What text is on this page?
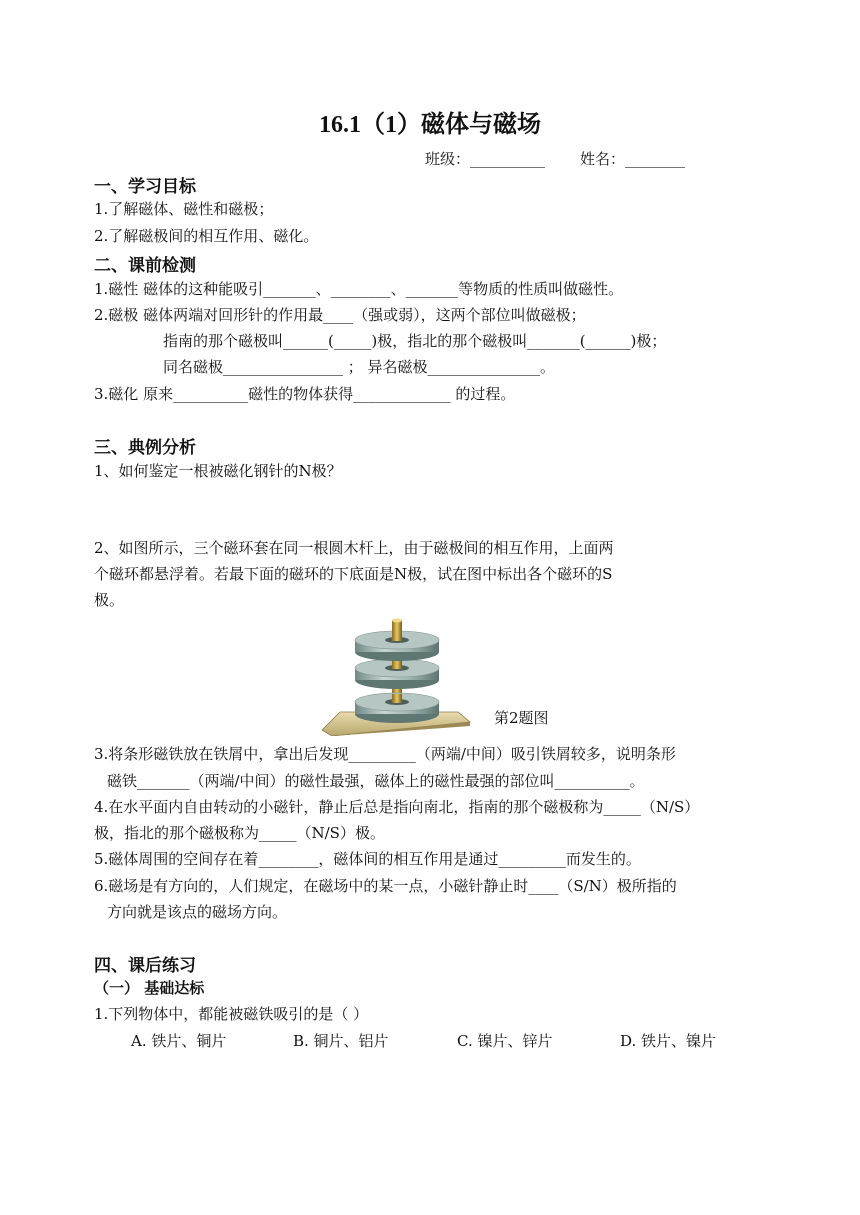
16.1（1）磁体与磁场
班级：__________ 姓名：________
一、学习目标
1.了解磁体、磁性和磁极；
2.了解磁极间的相互作用、磁化。
二、课前检测
1.磁性 磁体的这种能吸引_______、________、_______等物质的性质叫做磁性。
2.磁极 磁体两端对回形针的作用最____（强或弱），这两个部位叫做磁极；
指南的那个磁极叫______(_____)极，指北的那个磁极叫_______(______)极；
同名磁极________________ ； 异名磁极_______________。
3.磁化 原来__________磁性的物体获得_____________ 的过程。
三、典例分析
1、如何鉴定一根被磁化钢针的N极？
2、如图所示，三个磁环套在同一根圆木杆上，由于磁极间的相互作用，上面两
个磁环都悬浮着。若最下面的磁环的下底面是N极，试在图中标出各个磁环的S
极。
第2题图
3.将条形磁铁放在铁屑中，拿出后发现_________（两端/中间）吸引铁屑较多，说明条形
磁铁_______（两端/中间）的磁性最强，磁体上的磁性最强的部位叫__________。
4.在水平面内自由转动的小磁针，静止后总是指向南北，指南的那个磁极称为_____（N/S）
极，指北的那个磁极称为_____（N/S）极。
5.磁体周围的空间存在着________，磁体间的相互作用是通过_________而发生的。
6.磁场是有方向的，人们规定，在磁场中的某一点，小磁针静止时____（S/N）极所指的
方向就是该点的磁场方向。
四、课后练习
（一） 基础达标
1.下列物体中，都能被磁铁吸引的是（ ）
A. 铁片、铜片	B. 铜片、铝片	C. 镍片、锌片	D. 铁片、镍片
